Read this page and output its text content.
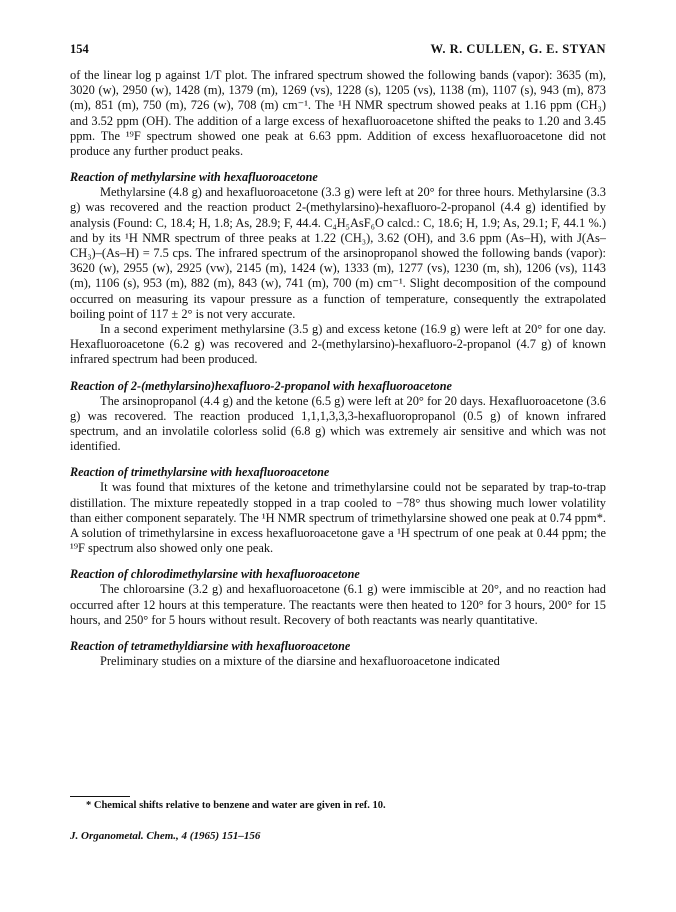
154	W. R. CULLEN, G. E. STYAN

of the linear log p against 1/T plot. The infrared spectrum showed the following bands (vapor): 3635 (m), 3020 (w), 2950 (w), 1428 (m), 1379 (m), 1269 (vs), 1228 (s), 1205 (vs), 1138 (m), 1107 (s), 943 (m), 873 (m), 851 (m), 750 (m), 726 (w), 708 (m) cm⁻¹. The ¹H NMR spectrum showed peaks at 1.16 ppm (CH₃) and 3.52 ppm (OH). The addition of a large excess of hexafluoroacetone shifted the peaks to 1.20 and 3.45 ppm. The ¹⁹F spectrum showed one peak at 6.63 ppm. Addition of excess hexafluoroacetone did not produce any further product peaks.

Reaction of methylarsine with hexafluoroacetone

Methylarsine (4.8 g) and hexafluoroacetone (3.3 g) were left at 20° for three hours. Methylarsine (3.3 g) was recovered and the reaction product 2-(methylarsino)-hexafluoro-2-propanol (4.4 g) identified by analysis (Found: C, 18.4; H, 1.8; As, 28.9; F, 44.4. C₄H₅AsF₆O calcd.: C, 18.6; H, 1.9; As, 29.1; F, 44.1 %.) and by its ¹H NMR spectrum of three peaks at 1.22 (CH₃), 3.62 (OH), and 3.6 ppm (As–H), with J(As–CH₃)–(As–H) = 7.5 cps. The infrared spectrum of the arsinopropanol showed the following bands (vapor): 3620 (w), 2955 (w), 2925 (vw), 2145 (m), 1424 (w), 1333 (m), 1277 (vs), 1230 (m, sh), 1206 (vs), 1143 (m), 1106 (s), 953 (m), 882 (m), 843 (w), 741 (m), 700 (m) cm⁻¹. Slight decomposition of the compound occurred on measuring its vapour pressure as a function of temperature, consequently the extrapolated boiling point of 117 ± 2° is not very accurate.

In a second experiment methylarsine (3.5 g) and excess ketone (16.9 g) were left at 20° for one day. Hexafluoroacetone (6.2 g) was recovered and 2-(methylarsino)-hexafluoro-2-propanol (4.7 g) of known infrared spectrum had been produced.

Reaction of 2-(methylarsino)hexafluoro-2-propanol with hexafluoroacetone

The arsinopropanol (4.4 g) and the ketone (6.5 g) were left at 20° for 20 days. Hexafluoroacetone (3.6 g) was recovered. The reaction produced 1,1,1,3,3,3-hexafluoropropanol (0.5 g) of known infrared spectrum, and an involatile colorless solid (6.8 g) which was extremely air sensitive and which was not identified.

Reaction of trimethylarsine with hexafluoroacetone

It was found that mixtures of the ketone and trimethylarsine could not be separated by trap-to-trap distillation. The mixture repeatedly stopped in a trap cooled to −78° thus showing much lower volatility than either component separately. The ¹H NMR spectrum of trimethylarsine showed one peak at 0.74 ppm*. A solution of trimethylarsine in excess hexafluoroacetone gave a ¹H spectrum of one peak at 0.44 ppm; the ¹⁹F spectrum also showed only one peak.

Reaction of chlorodimethylarsine with hexafluoroacetone

The chloroarsine (3.2 g) and hexafluoroacetone (6.1 g) were immiscible at 20°, and no reaction had occurred after 12 hours at this temperature. The reactants were then heated to 120° for 3 hours, 200° for 15 hours, and 250° for 5 hours without result. Recovery of both reactants was nearly quantitative.

Reaction of tetramethyldiarsine with hexafluoroacetone

Preliminary studies on a mixture of the diarsine and hexafluoroacetone indicated

* Chemical shifts relative to benzene and water are given in ref. 10.
J. Organometal. Chem., 4 (1965) 151–156
